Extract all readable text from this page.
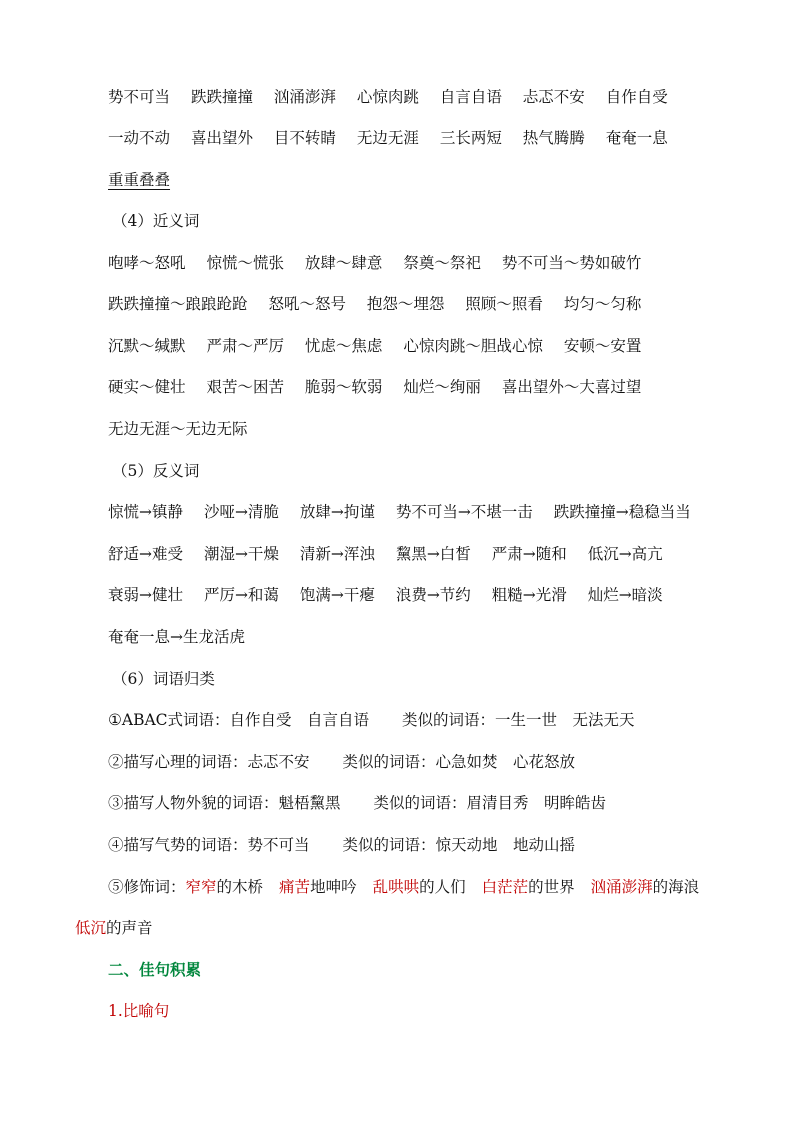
势不可当 跌跌撞撞 汹涌澎湃 心惊肉跳 自言自语 忐忑不安 自作自受
一动不动 喜出望外 目不转睛 无边无涯 三长两短 热气腾腾 奄奄一息
重重叠叠
（4）近义词
咆哮～怒吼 惊慌～慌张 放肆～肆意 祭奠～祭祀 势不可当～势如破竹
跌跌撞撞～踉踉跄跄 怒吼～怒号 抱怨～埋怨 照顾～照看 均匀～匀称
沉默～缄默 严肃～严厉 忧虑～焦虑 心惊肉跳～胆战心惊 安顿～安置
硬实～健壮 艰苦～困苦 脆弱～软弱 灿烂～绚丽 喜出望外～大喜过望
无边无涯～无边无际
（5）反义词
惊慌→镇静 沙哑→清脆 放肆→拘谨 势不可当→不堪一击 跌跌撞撞→稳稳当当
舒适→难受 潮湿→干燥 清新→浑浊 黧黑→白皙 严肃→随和 低沉→高亢
衰弱→健壮 严厉→和蔼 饱满→干瘪 浪费→节约 粗糙→光滑 灿烂→暗淡
奄奄一息→生龙活虎
（6）词语归类
①ABAC式词语：自作自受　自言自语 类似的词语：一生一世　无法无天
②描写心理的词语：忐忑不安 类似的词语：心急如焚　心花怒放
③描写人物外貌的词语：魁梧黧黑 类似的词语：眉清目秀　明眸皓齿
④描写气势的词语：势不可当 类似的词语：惊天动地　地动山摇
⑤修饰词：窄窄的木桥 痛苦地呻吟 乱哄哄的人们 白茫茫的世界 汹涌澎湃的海浪
低沉的声音
二、佳句积累
1.比喻句
